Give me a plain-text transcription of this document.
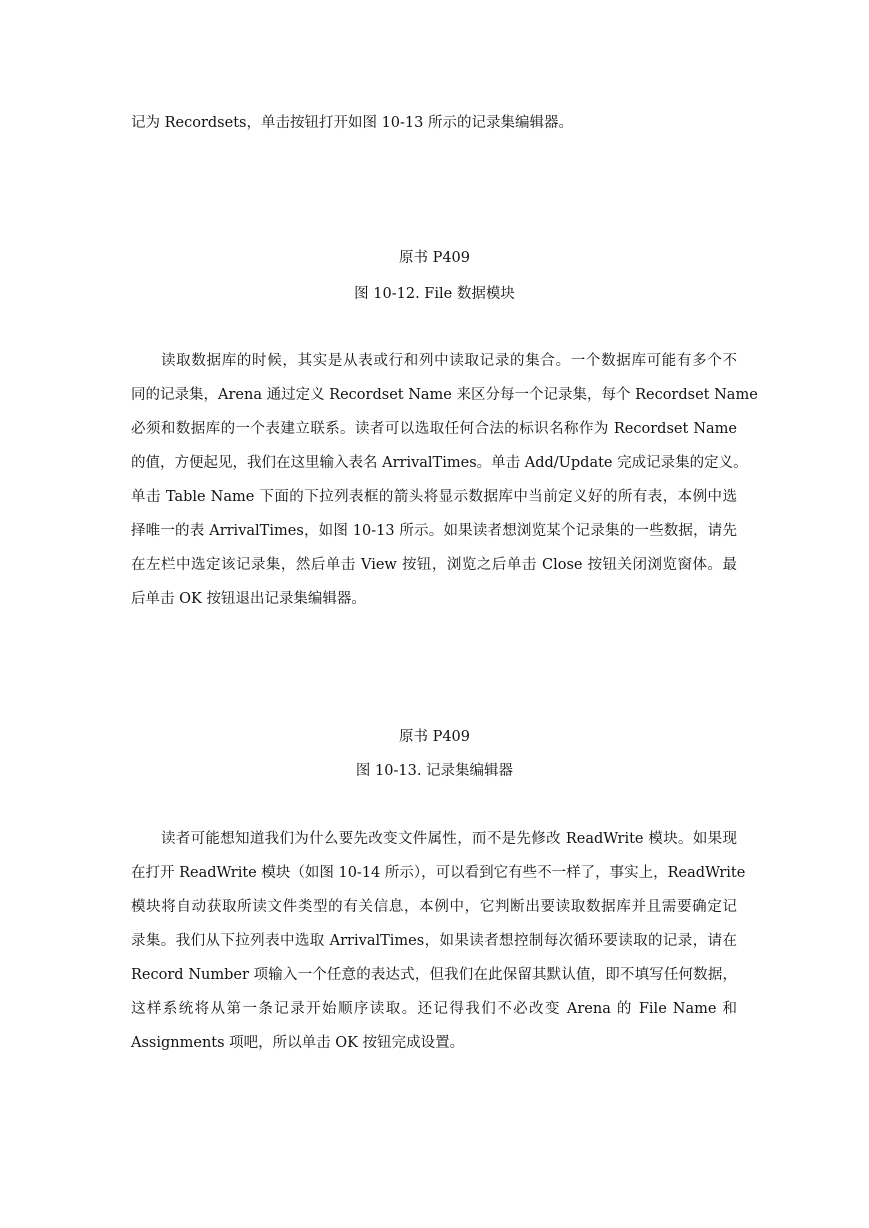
记为 Recordsets，单击按钮打开如图 10-13 所示的记录集编辑器。
原书 P409
图 10-12. File 数据模块
读取数据库的时候，其实是从表或行和列中读取记录的集合。一个数据库可能有多个不
同的记录集，Arena 通过定义 Recordset Name 来区分每一个记录集，每个 Recordset Name
必须和数据库的一个表建立联系。读者可以选取任何合法的标识名称作为 Recordset Name
的值，方便起见，我们在这里输入表名 ArrivalTimes。单击 Add/Update 完成记录集的定义。
单击 Table Name 下面的下拉列表框的箭头将显示数据库中当前定义好的所有表，本例中选
择唯一的表 ArrivalTimes，如图 10-13 所示。如果读者想浏览某个记录集的一些数据，请先
在左栏中选定该记录集，然后单击 View 按钮，浏览之后单击 Close 按钮关闭浏览窗体。最
后单击 OK 按钮退出记录集编辑器。
原书 P409
图 10-13. 记录集编辑器
读者可能想知道我们为什么要先改变文件属性，而不是先修改 ReadWrite 模块。如果现
在打开 ReadWrite 模块（如图 10-14 所示），可以看到它有些不一样了，事实上，ReadWrite
模块将自动获取所读文件类型的有关信息，本例中，它判断出要读取数据库并且需要确定记
录集。我们从下拉列表中选取 ArrivalTimes，如果读者想控制每次循环要读取的记录，请在
Record Number 项输入一个任意的表达式，但我们在此保留其默认值，即不填写任何数据，
这样系统将从第一条记录开始顺序读取。还记得我们不必改变 Arena 的 File Name 和
Assignments 项吧，所以单击 OK 按钮完成设置。
